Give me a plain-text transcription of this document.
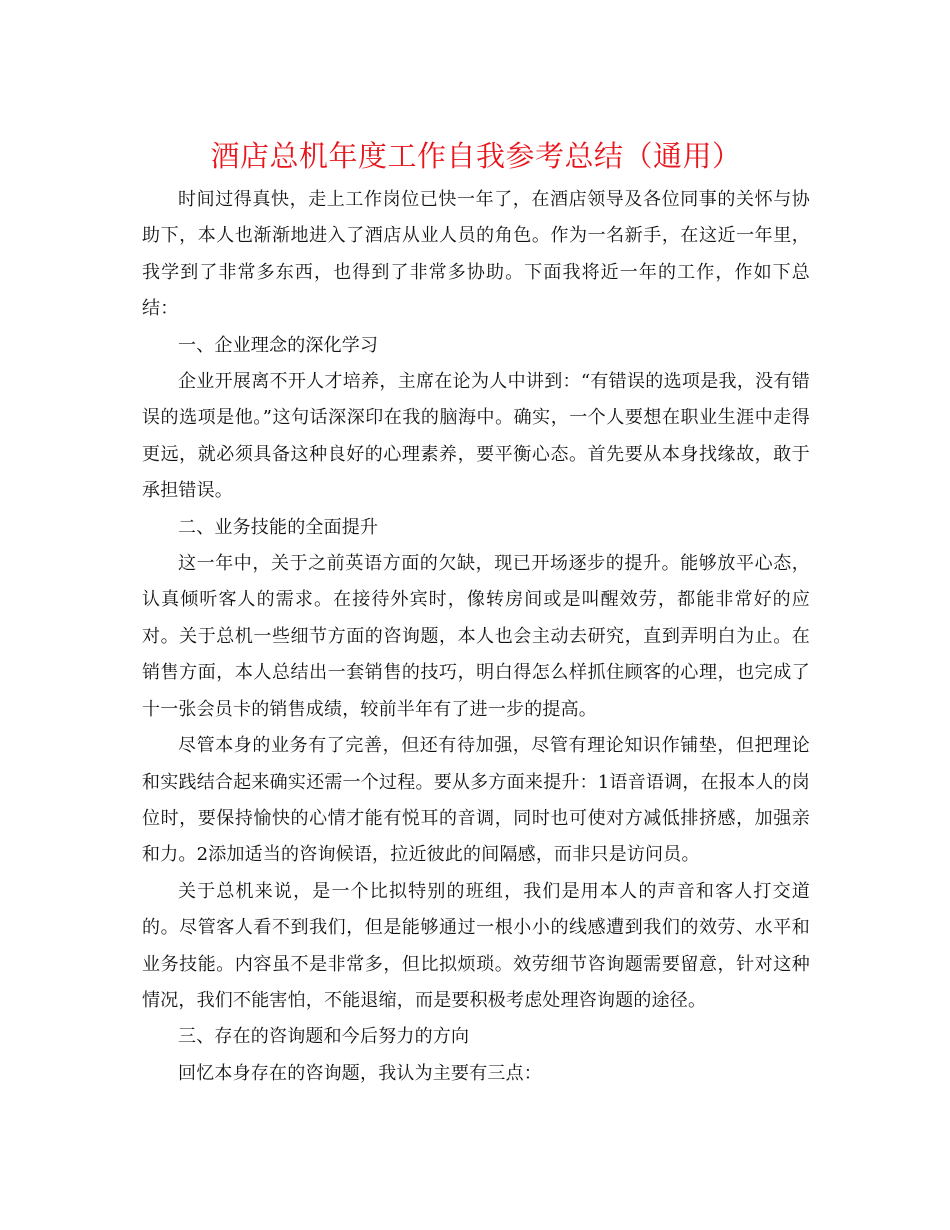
酒店总机年度工作自我参考总结（通用）

时间过得真快，走上工作岗位已快一年了，在酒店领导及各位同事的关怀与协助下，本人也渐渐地进入了酒店从业人员的角色。作为一名新手，在这近一年里，我学到了非常多东西，也得到了非常多协助。下面我将近一年的工作，作如下总结：

一、企业理念的深化学习

企业开展离不开人才培养，主席在论为人中讲到：“有错误的选项是我，没有错误的选项是他。”这句话深深印在我的脑海中。确实，一个人要想在职业生涯中走得更远，就必须具备这种良好的心理素养，要平衡心态。首先要从本身找缘故，敢于承担错误。

二、业务技能的全面提升

这一年中，关于之前英语方面的欠缺，现已开场逐步的提升。能够放平心态，认真倾听客人的需求。在接待外宾时，像转房间或是叫醒效劳，都能非常好的应对。关于总机一些细节方面的咨询题，本人也会主动去研究，直到弄明白为止。在销售方面，本人总结出一套销售的技巧，明白得怎么样抓住顾客的心理，也完成了十一张会员卡的销售成绩，较前半年有了进一步的提高。

尽管本身的业务有了完善，但还有待加强，尽管有理论知识作铺垫，但把理论和实践结合起来确实还需一个过程。要从多方面来提升：1语音语调，在报本人的岗位时，要保持愉快的心情才能有悦耳的音调，同时也可使对方减低排挤感，加强亲和力。2添加适当的咨询候语，拉近彼此的间隔感，而非只是访问员。

关于总机来说，是一个比拟特别的班组，我们是用本人的声音和客人打交道的。尽管客人看不到我们，但是能够通过一根小小的线感遭到我们的效劳、水平和业务技能。内容虽不是非常多，但比拟烦琐。效劳细节咨询题需要留意，针对这种情况，我们不能害怕，不能退缩，而是要积极考虑处理咨询题的途径。

三、存在的咨询题和今后努力的方向

回忆本身存在的咨询题，我认为主要有三点：
